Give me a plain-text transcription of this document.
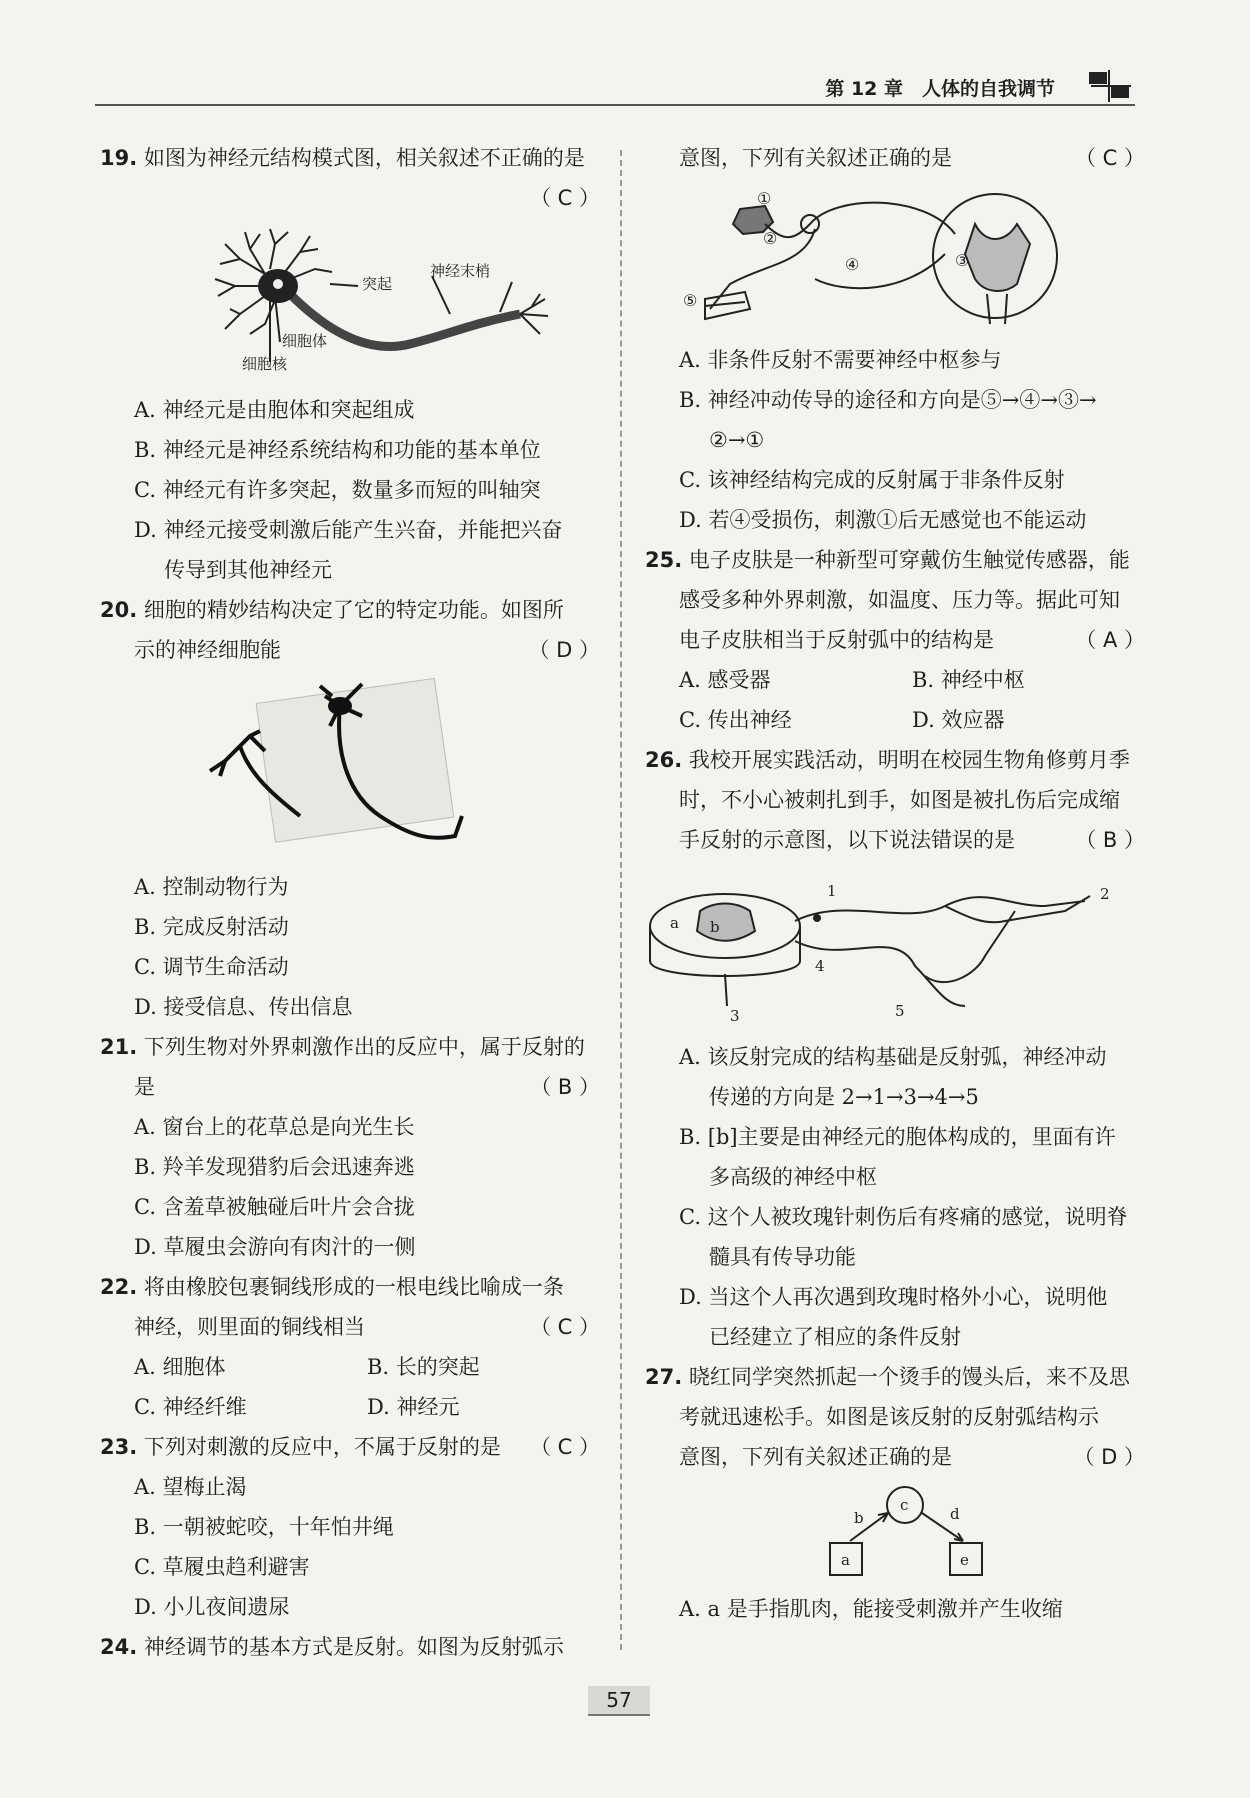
第 12 章　人体的自我调节
19. 如图为神经元结构模式图，相关叙述不正确的是
（ C ）
突起
神经末梢
细胞体
细胞核
A. 神经元是由胞体和突起组成
B. 神经元是神经系统结构和功能的基本单位
C. 神经元有许多突起，数量多而短的叫轴突
D. 神经元接受刺激后能产生兴奋，并能把兴奋
传导到其他神经元
20. 细胞的精妙结构决定了它的特定功能。如图所
示的神经细胞能	（ D ）
A. 控制动物行为
B. 完成反射活动
C. 调节生命活动
D. 接受信息、传出信息
21. 下列生物对外界刺激作出的反应中，属于反射的
是	（ B ）
A. 窗台上的花草总是向光生长
B. 羚羊发现猎豹后会迅速奔逃
C. 含羞草被触碰后叶片会合拢
D. 草履虫会游向有肉汁的一侧
22. 将由橡胶包裹铜线形成的一根电线比喻成一条
神经，则里面的铜线相当	（ C ）
A. 细胞体	B. 长的突起
C. 神经纤维	D. 神经元
23. 下列对刺激的反应中，不属于反射的是 （ C ）
A. 望梅止渴
B. 一朝被蛇咬，十年怕井绳
C. 草履虫趋利避害
D. 小儿夜间遗尿
24. 神经调节的基本方式是反射。如图为反射弧示
意图，下列有关叙述正确的是	（ C ）
①
②
③
④
⑤
A. 非条件反射不需要神经中枢参与
B. 神经冲动传导的途径和方向是⑤→④→③→
②→①
C. 该神经结构完成的反射属于非条件反射
D. 若④受损伤，刺激①后无感觉也不能运动
25. 电子皮肤是一种新型可穿戴仿生触觉传感器，能
感受多种外界刺激，如温度、压力等。据此可知
电子皮肤相当于反射弧中的结构是	（ A ）
A. 感受器	B. 神经中枢
C. 传出神经	D. 效应器
26. 我校开展实践活动，明明在校园生物角修剪月季
时，不小心被刺扎到手，如图是被扎伤后完成缩
手反射的示意图，以下说法错误的是	（ B ）
1	2
3
4
5
a b
A. 该反射完成的结构基础是反射弧，神经冲动
传递的方向是 2→1→3→4→5
B. [b]主要是由神经元的胞体构成的，里面有许
多高级的神经中枢
C. 这个人被玫瑰针刺伤后有疼痛的感觉，说明脊
髓具有传导功能
D. 当这个人再次遇到玫瑰时格外小心，说明他
已经建立了相应的条件反射
27. 晓红同学突然抓起一个烫手的馒头后，来不及思
考就迅速松手。如图是该反射的反射弧结构示
意图，下列有关叙述正确的是	（ D ）
a	e
c
b	d
A. a 是手指肌肉，能接受刺激并产生收缩
57
